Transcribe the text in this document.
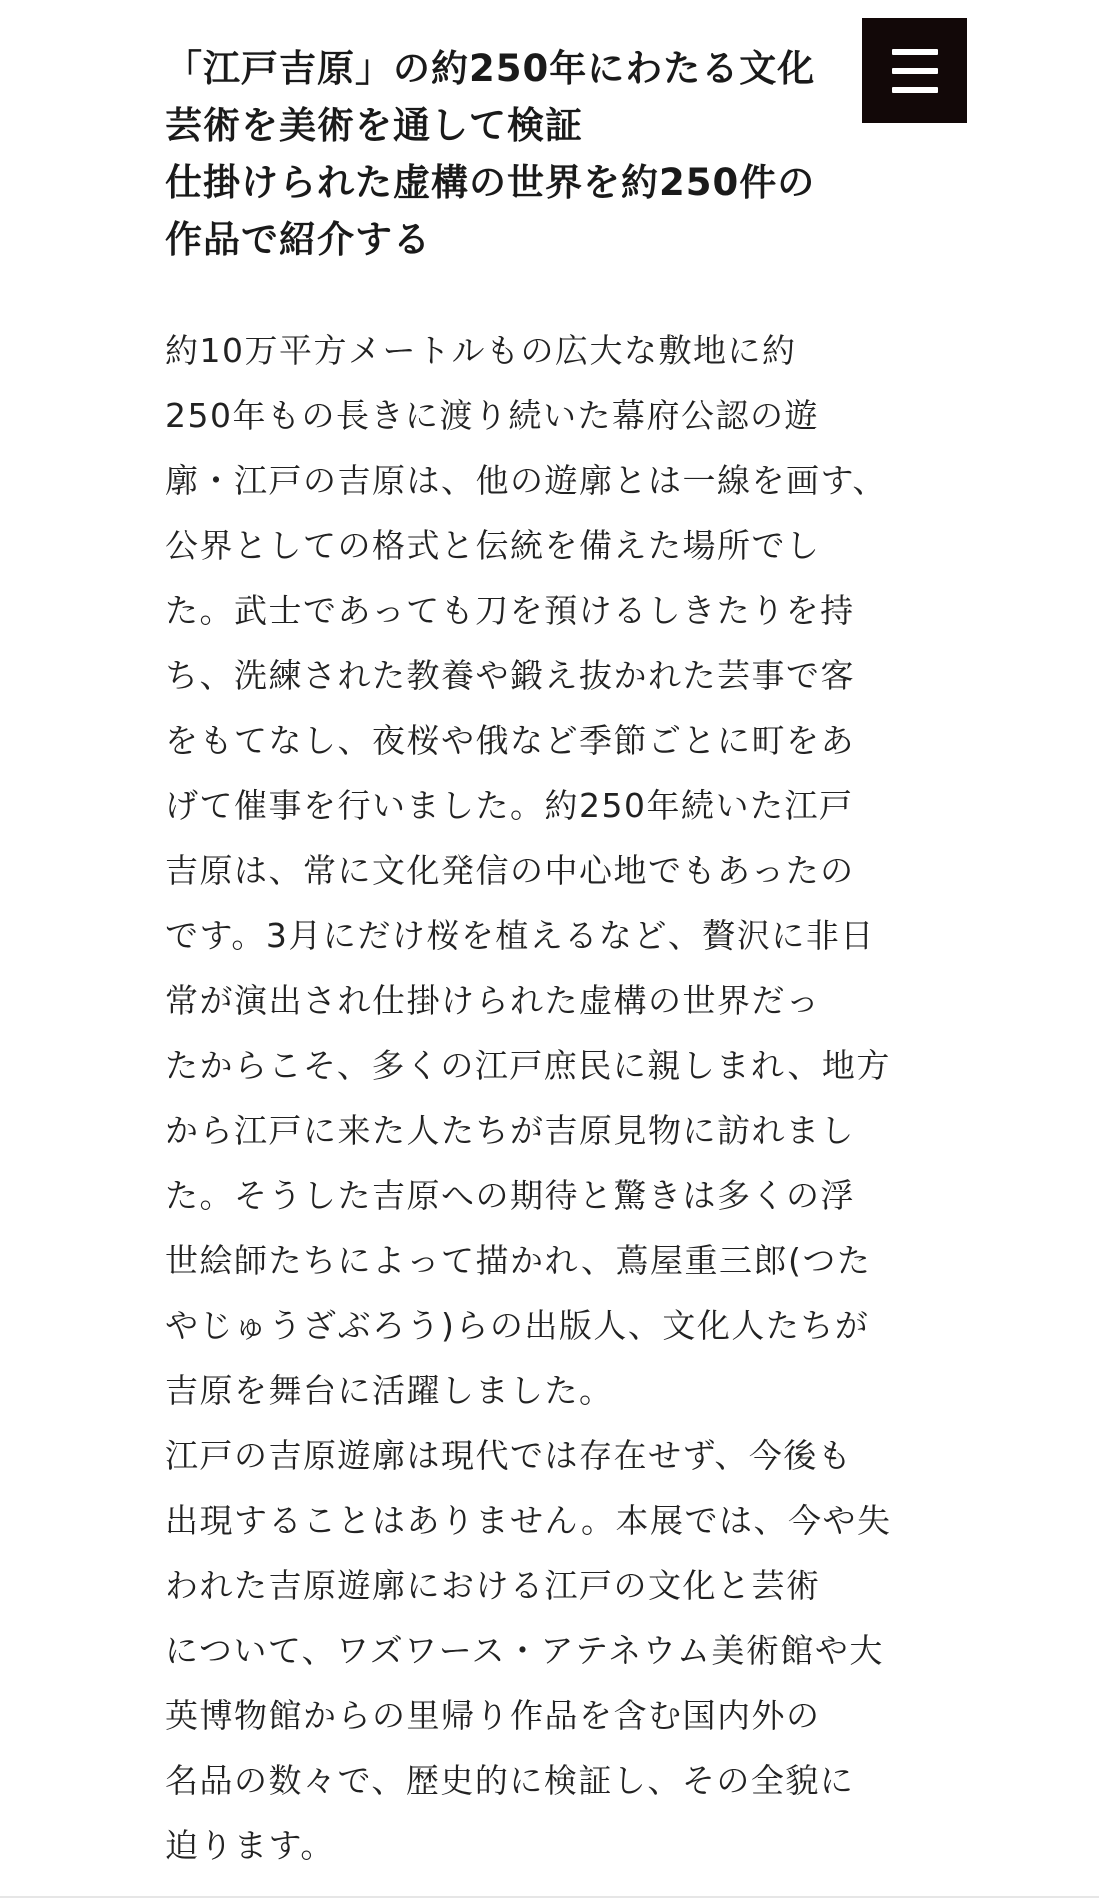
「江戸吉原」の約250年にわたる文化
芸術を美術を通して検証
仕掛けられた虚構の世界を約250件の
作品で紹介する
約10万平方メートルもの広大な敷地に約
250年もの長きに渡り続いた幕府公認の遊
廓・江戸の吉原は、他の遊廓とは一線を画す、
公界としての格式と伝統を備えた場所でし
た。武士であっても刀を預けるしきたりを持
ち、洗練された教養や鍛え抜かれた芸事で客
をもてなし、夜桜や俄など季節ごとに町をあ
げて催事を行いました。約250年続いた江戸
吉原は、常に文化発信の中心地でもあったの
です。3月にだけ桜を植えるなど、贅沢に非日
常が演出され仕掛けられた虚構の世界だっ
たからこそ、多くの江戸庶民に親しまれ、地方
から江戸に来た人たちが吉原見物に訪れまし
た。そうした吉原への期待と驚きは多くの浮
世絵師たちによって描かれ、蔦屋重三郎(つた
やじゅうざぶろう)らの出版人、文化人たちが
吉原を舞台に活躍しました。
江戸の吉原遊廓は現代では存在せず、今後も
出現することはありません。本展では、今や失
われた吉原遊廓における江戸の文化と芸術
について、ワズワース・アテネウム美術館や大
英博物館からの里帰り作品を含む国内外の
名品の数々で、歴史的に検証し、その全貌に
迫ります。
